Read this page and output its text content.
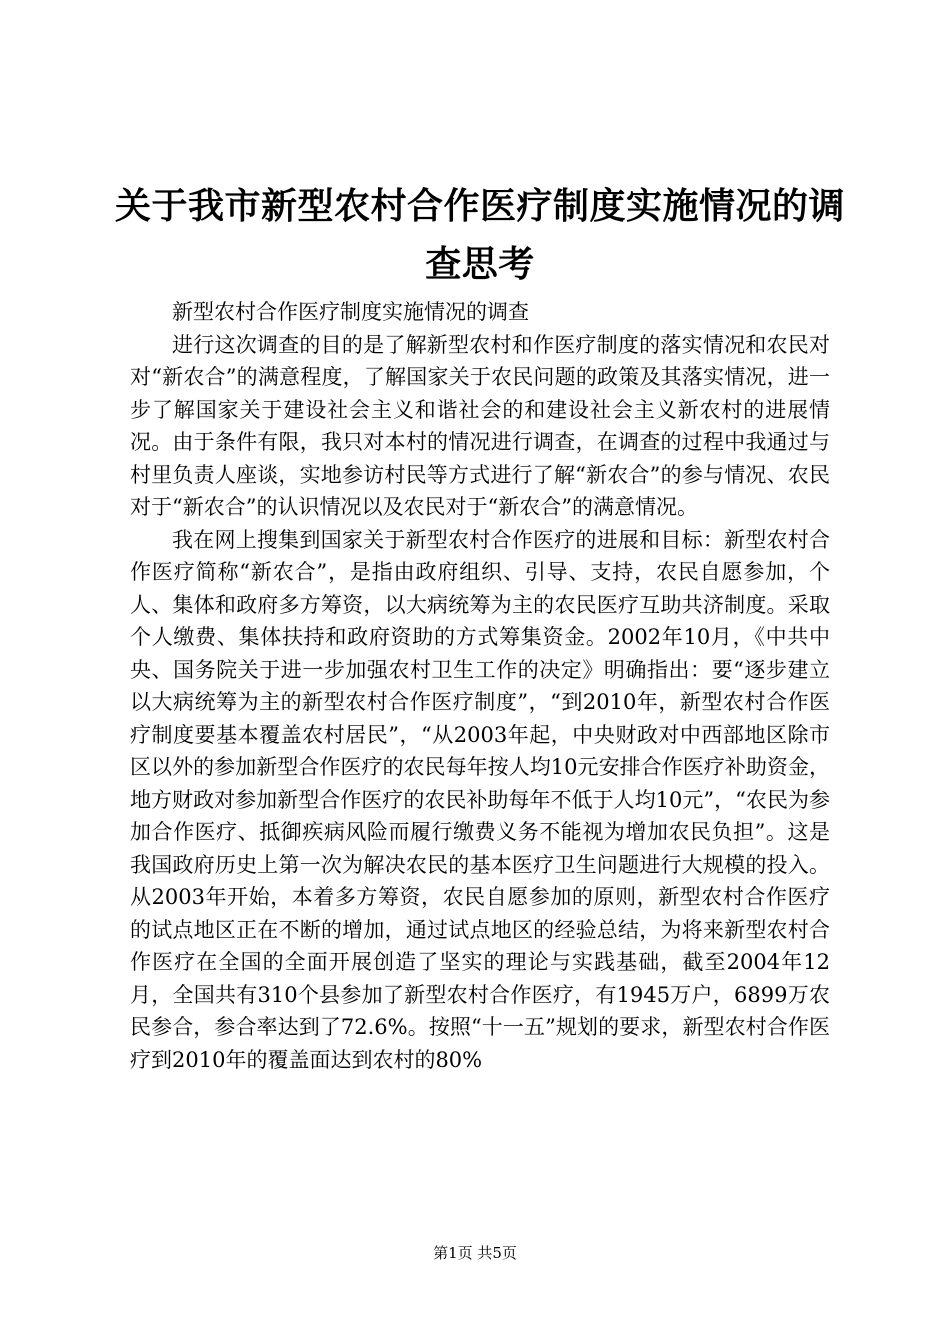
关于我市新型农村合作医疗制度实施情况的调查思考

新型农村合作医疗制度实施情况的调查

进行这次调查的目的是了解新型农村和作医疗制度的落实情况和农民对对“新农合”的满意程度，了解国家关于农民问题的政策及其落实情况，进一步了解国家关于建设社会主义和谐社会的和建设社会主义新农村的进展情况。由于条件有限，我只对本村的情况进行调查，在调查的过程中我通过与村里负责人座谈，实地参访村民等方式进行了解“新农合”的参与情况、农民对于“新农合”的认识情况以及农民对于“新农合”的满意情况。

我在网上搜集到国家关于新型农村合作医疗的进展和目标：新型农村合作医疗简称“新农合”，是指由政府组织、引导、支持，农民自愿参加，个人、集体和政府多方筹资，以大病统筹为主的农民医疗互助共济制度。采取个人缴费、集体扶持和政府资助的方式筹集资金。2002年10月，《中共中央、国务院关于进一步加强农村卫生工作的决定》明确指出：要“逐步建立以大病统筹为主的新型农村合作医疗制度”，“到2010年，新型农村合作医疗制度要基本覆盖农村居民”，“从2003年起，中央财政对中西部地区除市区以外的参加新型合作医疗的农民每年按人均10元安排合作医疗补助资金，地方财政对参加新型合作医疗的农民补助每年不低于人均10元”，“农民为参加合作医疗、抵御疾病风险而履行缴费义务不能视为增加农民负担”。这是我国政府历史上第一次为解决农民的基本医疗卫生问题进行大规模的投入。从2003年开始，本着多方筹资，农民自愿参加的原则，新型农村合作医疗的试点地区正在不断的增加，通过试点地区的经验总结，为将来新型农村合作医疗在全国的全面开展创造了坚实的理论与实践基础，截至2004年12月，全国共有310个县参加了新型农村合作医疗，有1945万户，6899万农民参合，参合率达到了72.6%。按照“十一五”规划的要求，新型农村合作医疗到2010年的覆盖面达到农村的80%

第1页 共5页
